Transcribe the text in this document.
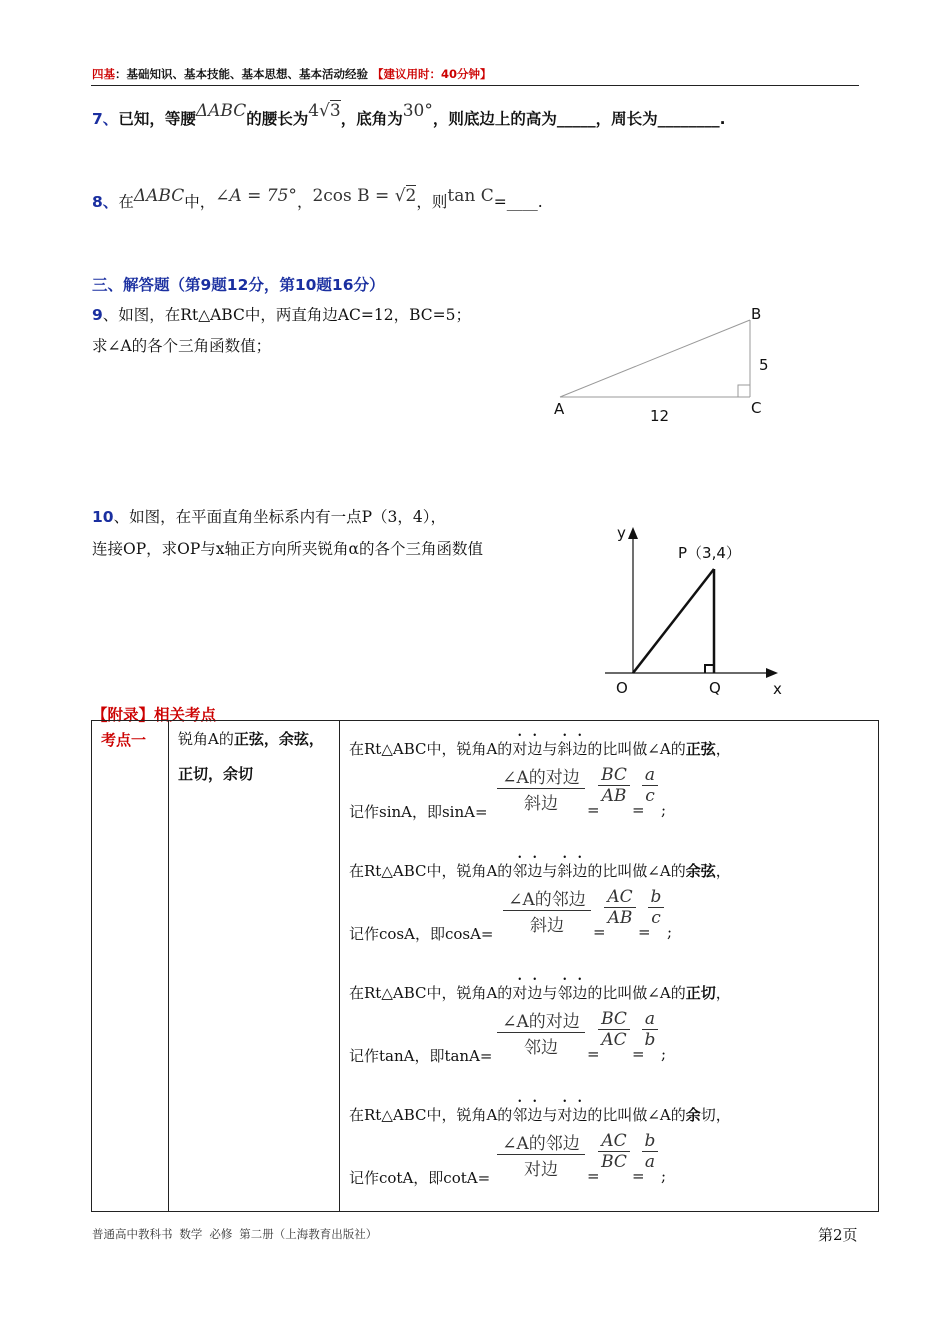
四基：基础知识、基本技能、基本思想、基本活动经验 【建议用时：40分钟】
7、已知，等腰ΔABC的腰长为4√3，底角为30°，则底边上的高为_____，周长为________.
8、在ΔABC中，∠A = 75°，2cos B = √2，则tan C=____.
三、解答题（第9题12分，第10题16分）
9、如图，在Rt△ABC中，两直角边AC=12，BC=5；
求∠A的各个三角函数值；
A
B
C
12
5
10、如图，在平面直角坐标系内有一点P（3，4），
连接OP，求OP与x轴正方向所夹锐角α的各个三角函数值
y
x
O	Q
P（3,4）
【附录】相关考点
考点一	锐角A的正弦，余弦，
正切，余切

在Rt△ABC中，锐角A的对边与斜边的比叫做∠A的正弦，
记作sinA，即sinA=
∠A的对边
斜边	=
$\frac{BC}{AB}$
=
$\frac{a}{c}$
;
在Rt△ABC中，锐角A的邻边与斜边的比叫做∠A的余弦，
记作cosA，即cosA=
∠A的邻边
斜边	=
$\frac{AC}{AB}$
=
$\frac{b}{c}$
;
在Rt△ABC中，锐角A的对边与邻边的比叫做∠A的正切，
记作tanA，即tanA=
∠A的对边
邻边	=
$\frac{BC}{AC}$
=
$\frac{a}{b}$
;
在Rt△ABC中，锐角A的邻边与对边的比叫做∠A的余切，
记作cotA，即cotA=
∠A的邻边
对边	=
$\frac{AC}{BC}$
=
$\frac{b}{a}$
;
普通高中教科书 数学 必修 第二册（上海教育出版社）	第2页
